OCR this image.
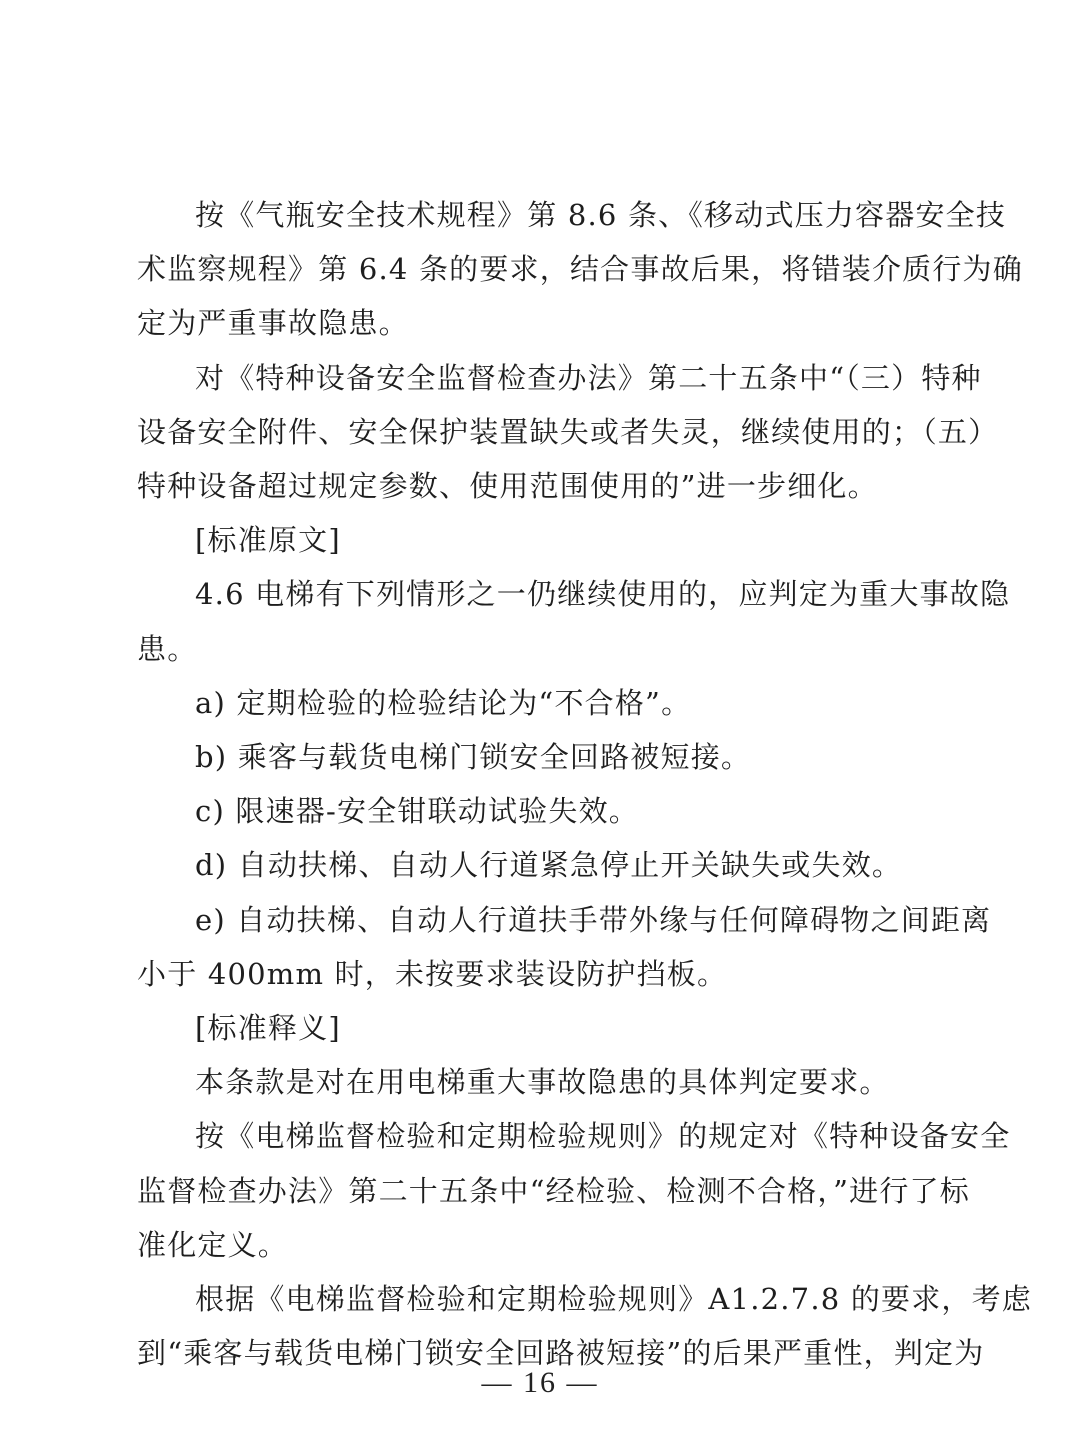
按《气瓶安全技术规程》第 8.6 条、《移动式压力容器安全技
术监察规程》第 6.4 条的要求，结合事故后果，将错装介质行为确
定为严重事故隐患。

对《特种设备安全监督检查办法》第二十五条中“（三）特种
设备安全附件、安全保护装置缺失或者失灵，继续使用的；（五）
特种设备超过规定参数、使用范围使用的”进一步细化。

[标准原文]

4.6 电梯有下列情形之一仍继续使用的，应判定为重大事故隐
患。

a) 定期检验的检验结论为“不合格”。

b) 乘客与载货电梯门锁安全回路被短接。

c) 限速器-安全钳联动试验失效。

d) 自动扶梯、自动人行道紧急停止开关缺失或失效。

e) 自动扶梯、自动人行道扶手带外缘与任何障碍物之间距离
小于 400mm 时，未按要求装设防护挡板。

[标准释义]

本条款是对在用电梯重大事故隐患的具体判定要求。

按《电梯监督检验和定期检验规则》的规定对《特种设备安全
监督检查办法》第二十五条中“经检验、检测不合格，”进行了标
准化定义。

根据《电梯监督检验和定期检验规则》A1.2.7.8 的要求，考虑
到“乘客与载货电梯门锁安全回路被短接”的后果严重性，判定为

— 16 —
